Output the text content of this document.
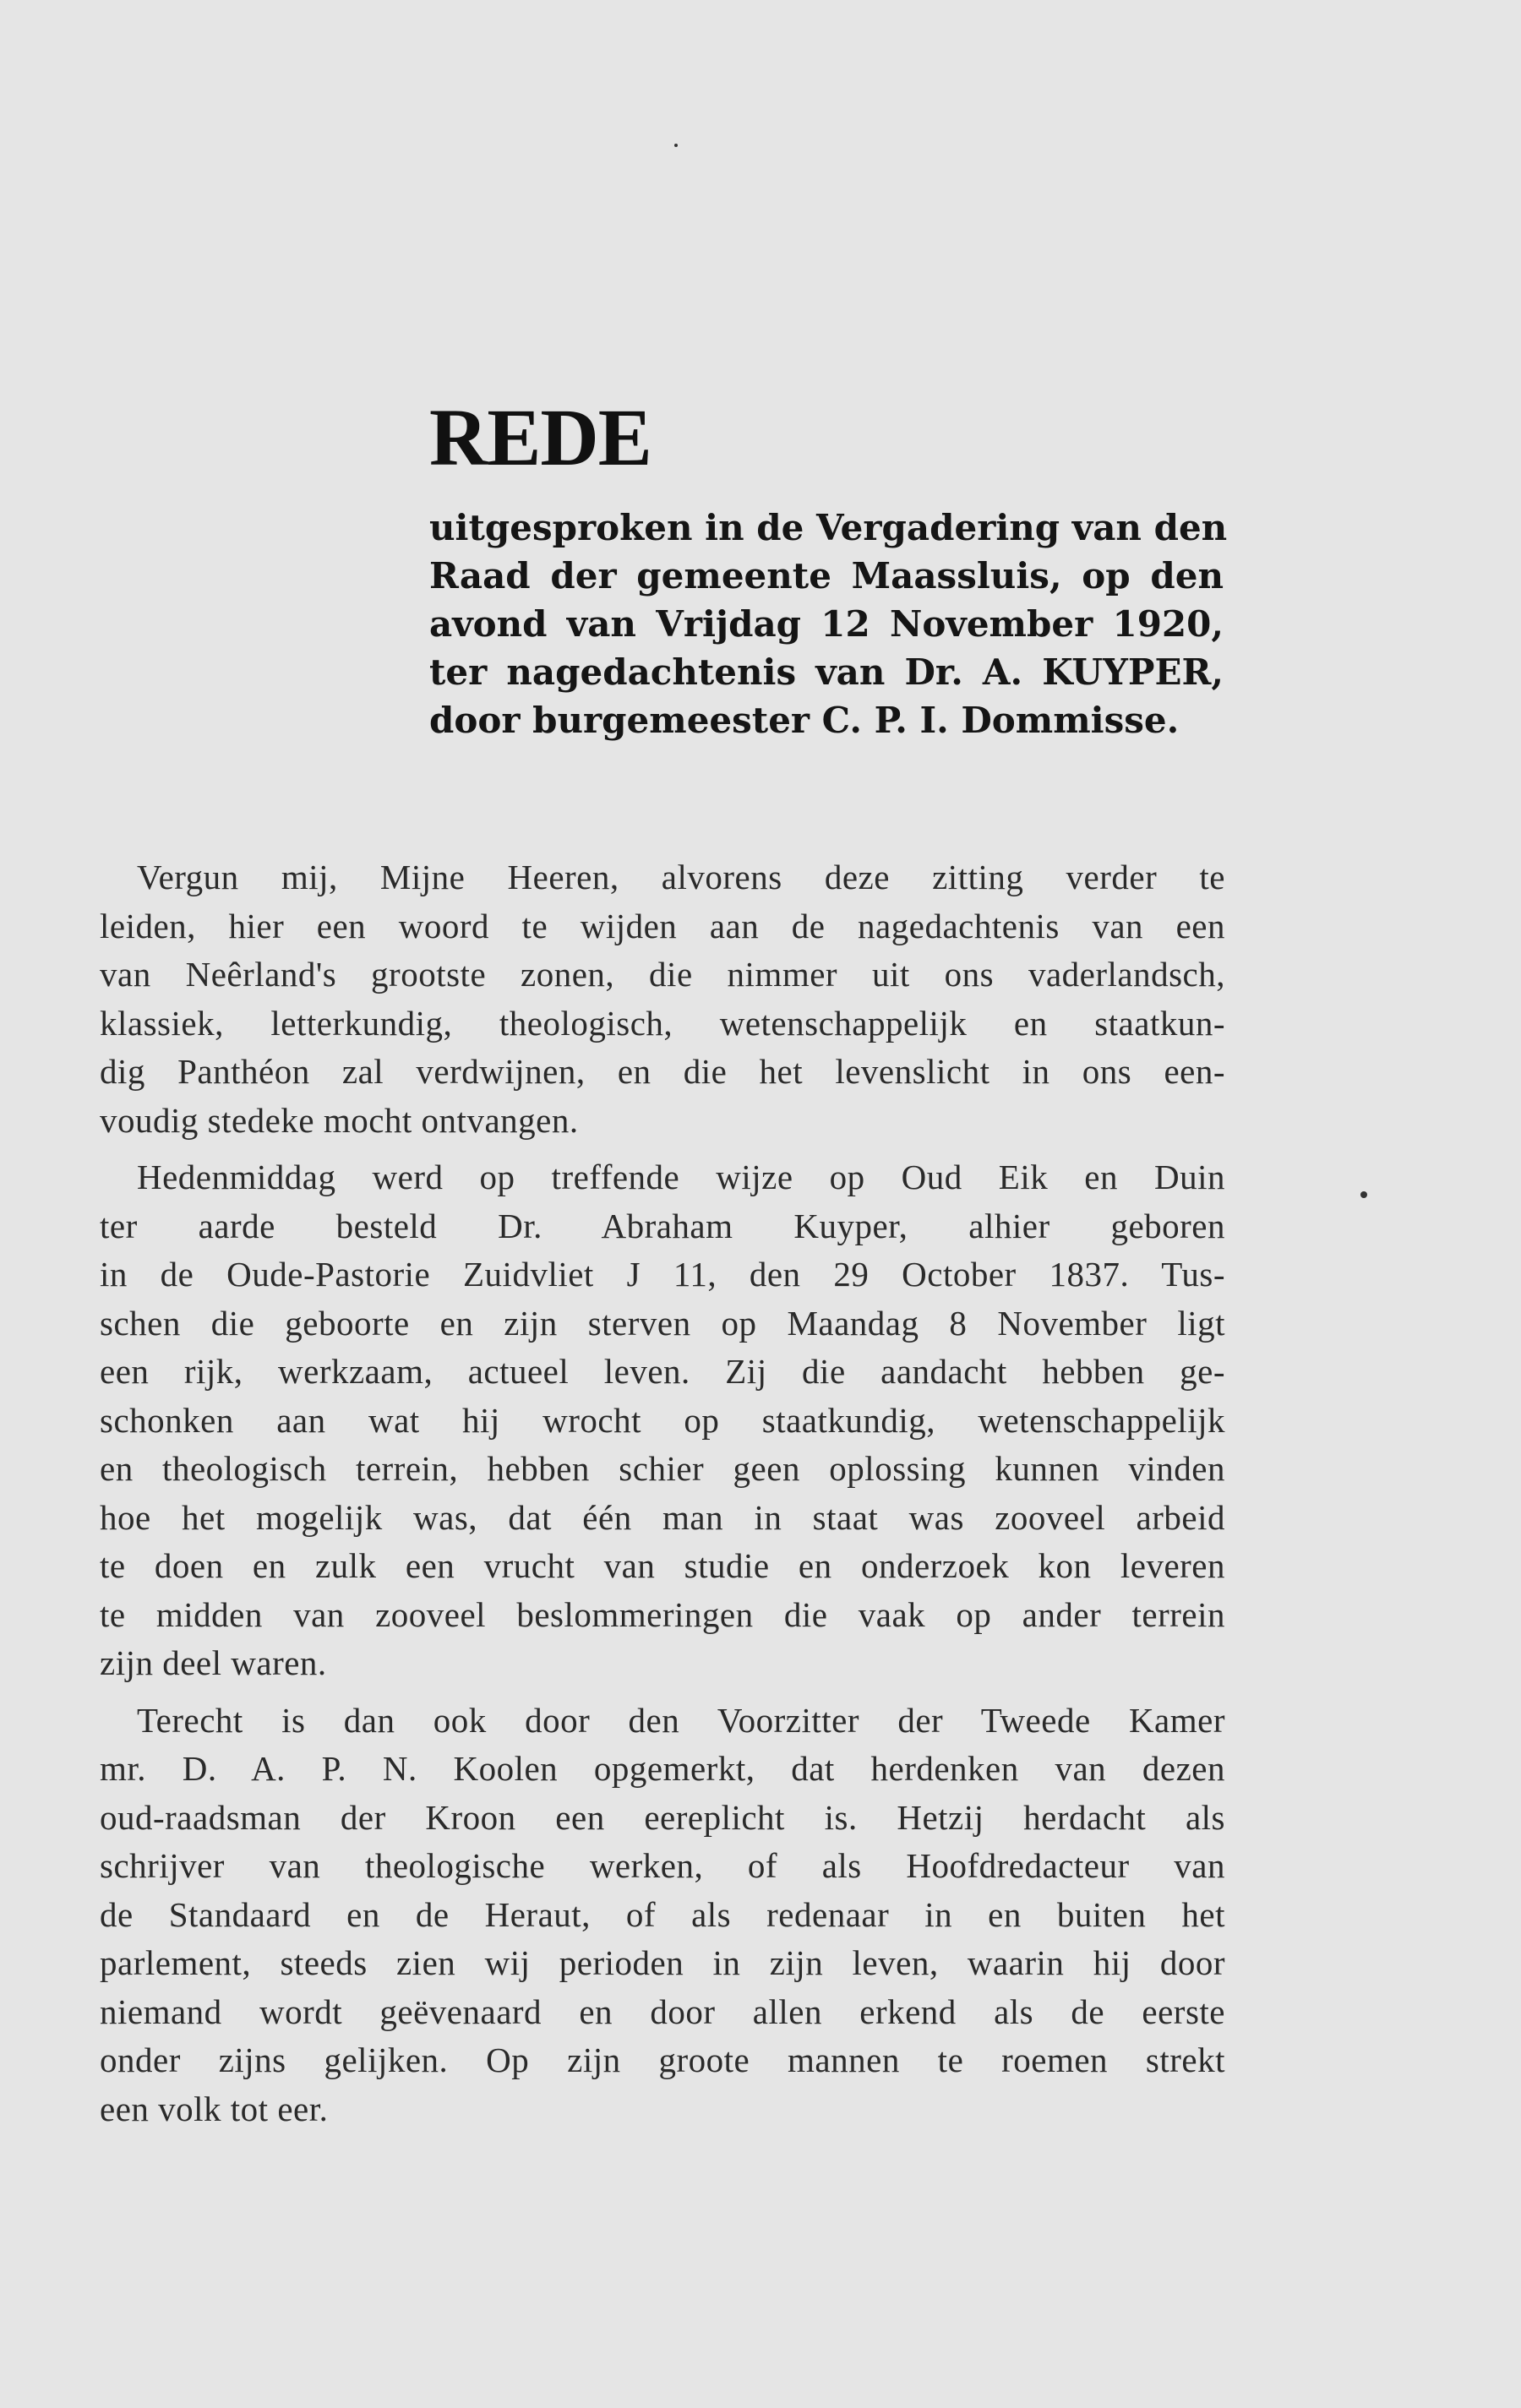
REDE
uitgesproken in de Vergadering van den
Raad der gemeente Maassluis, op den
avond van Vrijdag 12 November 1920,
ter nagedachtenis van Dr. A. KUYPER,
door burgemeester C. P. I. Dommisse.
Vergun mij, Mijne Heeren, alvorens deze zitting verder te
leiden, hier een woord te wijden aan de nagedachtenis van een
van Neêrland's grootste zonen, die nimmer uit ons vaderlandsch,
klassiek, letterkundig, theologisch, wetenschappelijk en staatkun-
dig Panthéon zal verdwijnen, en die het levenslicht in ons een-
voudig stedeke mocht ontvangen.
Hedenmiddag werd op treffende wijze op Oud Eik en Duin
ter aarde besteld Dr. Abraham Kuyper, alhier geboren
in de Oude-Pastorie Zuidvliet J 11, den 29 October 1837. Tus-
schen die geboorte en zijn sterven op Maandag 8 November ligt
een rijk, werkzaam, actueel leven. Zij die aandacht hebben ge-
schonken aan wat hij wrocht op staatkundig, wetenschappelijk
en theologisch terrein, hebben schier geen oplossing kunnen vinden
hoe het mogelijk was, dat één man in staat was zooveel arbeid
te doen en zulk een vrucht van studie en onderzoek kon leveren
te midden van zooveel beslommeringen die vaak op ander terrein
zijn deel waren.
Terecht is dan ook door den Voorzitter der Tweede Kamer
mr. D. A. P. N. Koolen opgemerkt, dat herdenken van dezen
oud-raadsman der Kroon een eereplicht is. Hetzij herdacht als
schrijver van theologische werken, of als Hoofdredacteur van
de Standaard en de Heraut, of als redenaar in en buiten het
parlement, steeds zien wij perioden in zijn leven, waarin hij door
niemand wordt geëvenaard en door allen erkend als de eerste
onder zijns gelijken. Op zijn groote mannen te roemen strekt
een volk tot eer.
